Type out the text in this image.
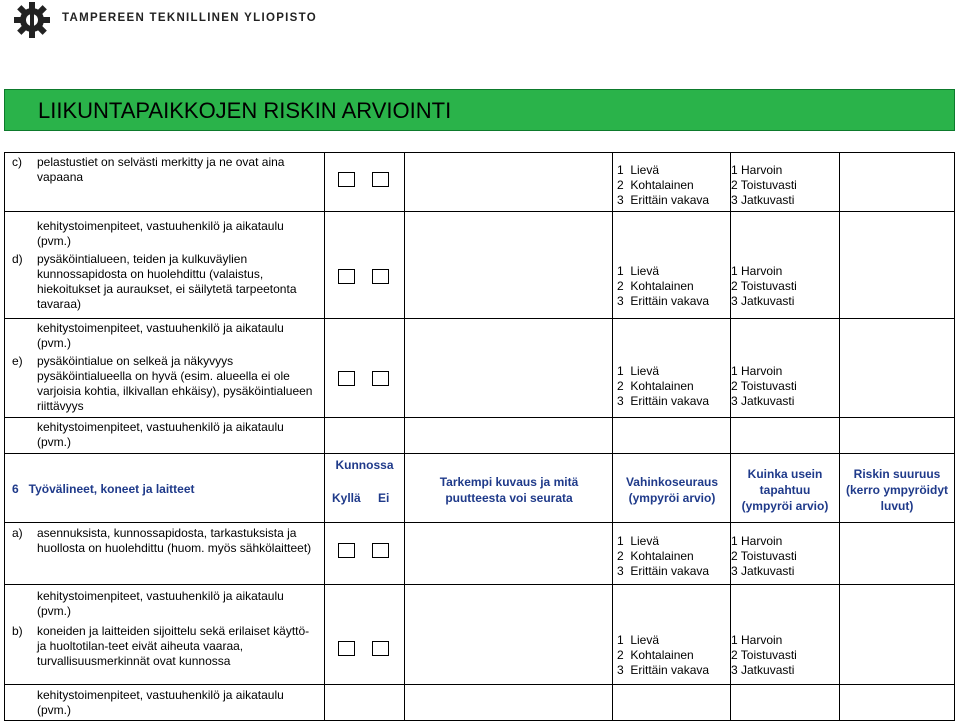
TAMPEREEN TEKNILLINEN YLIOPISTO
LIIKUNTAPAIKKOJEN RISKIN ARVIOINTI
c) pelastustiet on selvästi merkitty ja ne ovat aina vapaana	1  Lievä
2  Kohtalainen
3  Erittäin vakava
1 Harvoin
2 Toistuvasti
3 Jatkuvasti
kehitystoimenpiteet, vastuuhenkilö ja aikataulu (pvm.)
d) pysäköintialueen, teiden ja kulkuväylien kunnossapidosta on huolehdittu (valaistus, hiekoitukset ja auraukset, ei säilytetä tarpeetonta tavaraa)
1  Lievä
2  Kohtalainen
3  Erittäin vakava
1 Harvoin
2 Toistuvasti
3 Jatkuvasti
kehitystoimenpiteet, vastuuhenkilö ja aikataulu (pvm.)
e) pysäköintialue on selkeä ja näkyvyys pysäköintialueella on hyvä (esim. alueella ei ole varjoisia kohtia, ilkivallan ehkäisy), pysäköintialueen riittävyys
1  Lievä
2  Kohtalainen
3  Erittäin vakava
1 Harvoin
2 Toistuvasti
3 Jatkuvasti
kehitystoimenpiteet, vastuuhenkilö ja aikataulu (pvm.)
6   Työvälineet, koneet ja laitteet
Kunnossa
Kyllä Ei
Tarkempi kuvaus ja mitä puutteesta voi seurata
Vahinkoseuraus (ympyröi arvio)
Kuinka usein tapahtuu (ympyröi arvio)
Riskin suuruus (kerro ympyröidyt luvut)
a) asennuksista, kunnossapidosta, tarkastuksista ja huollosta on huolehdittu (huom. myös sähkölaitteet)	1  Lievä
2  Kohtalainen
3  Erittäin vakava
1 Harvoin
2 Toistuvasti
3 Jatkuvasti
kehitystoimenpiteet, vastuuhenkilö ja aikataulu (pvm.)
b) koneiden ja laitteiden sijoittelu sekä erilaiset käyttö- ja huoltotilan-teet eivät aiheuta vaaraa, turvallisuusmerkinnät ovat kunnossa
1  Lievä
2  Kohtalainen
3  Erittäin vakava
1 Harvoin
2 Toistuvasti
3 Jatkuvasti
kehitystoimenpiteet, vastuuhenkilö ja aikataulu (pvm.)
